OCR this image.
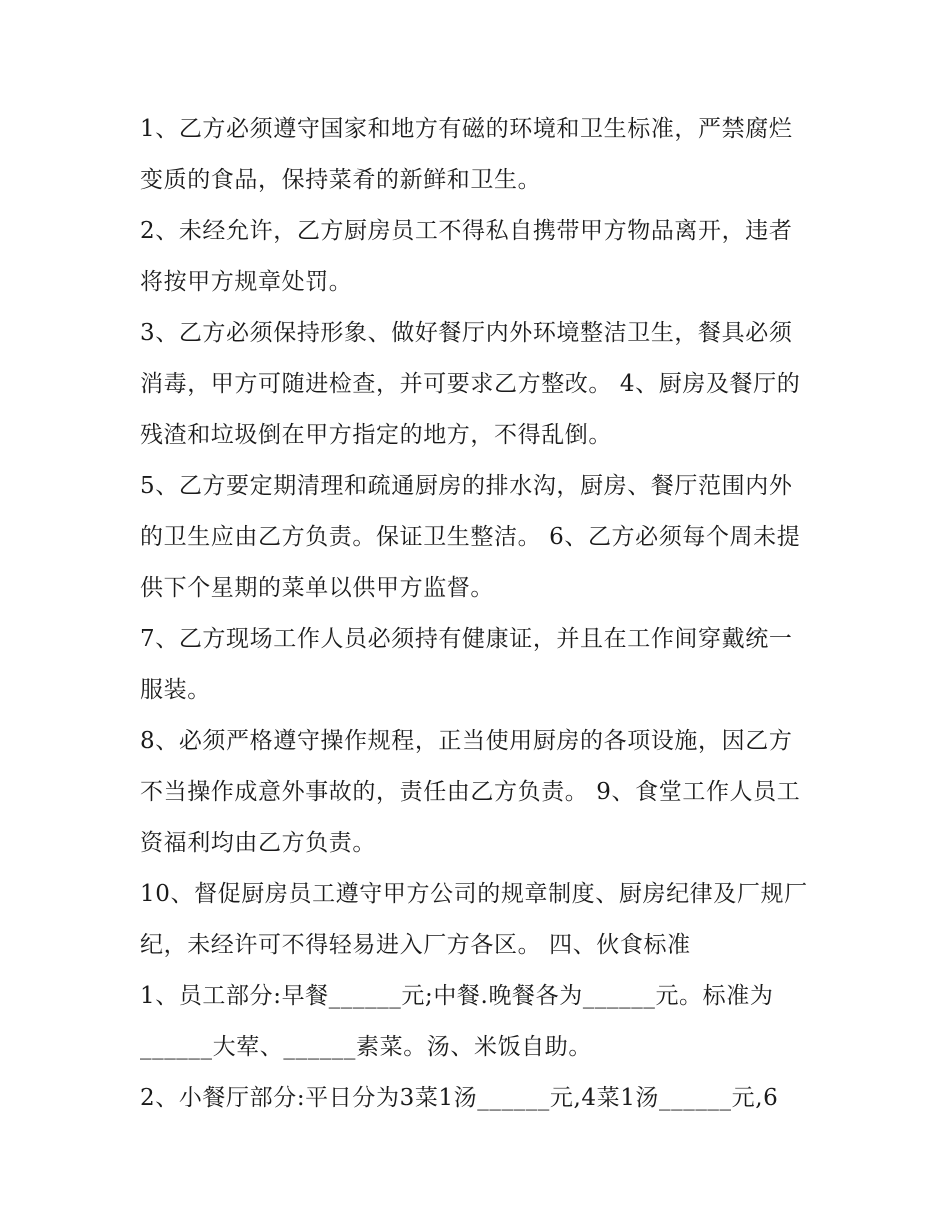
1、乙方必须遵守国家和地方有磁的环境和卫生标准，严禁腐烂变质的食品，保持菜肴的新鲜和卫生。

2、未经允许，乙方厨房员工不得私自携带甲方物品离开，违者将按甲方规章处罚。

3、乙方必须保持形象、做好餐厅内外环境整洁卫生，餐具必须消毒，甲方可随进检查，并可要求乙方整改。 4、厨房及餐厅的残渣和垃圾倒在甲方指定的地方，不得乱倒。

5、乙方要定期清理和疏通厨房的排水沟，厨房、餐厅范围内外的卫生应由乙方负责。保证卫生整洁。 6、乙方必须每个周未提供下个星期的菜单以供甲方监督。

7、乙方现场工作人员必须持有健康证，并且在工作间穿戴统一服装。

8、必须严格遵守操作规程，正当使用厨房的各项设施，因乙方不当操作成意外事故的，责任由乙方负责。 9、食堂工作人员工资福利均由乙方负责。

10、督促厨房员工遵守甲方公司的规章制度、厨房纪律及厂规厂纪，未经许可不得轻易进入厂方各区。 四、伙食标准

1、员工部分:早餐______元;中餐.晚餐各为______元。标准为______大荤、______素菜。汤、米饭自助。

2、小餐厅部分:平日分为3菜1汤______元,4菜1汤______元,6
